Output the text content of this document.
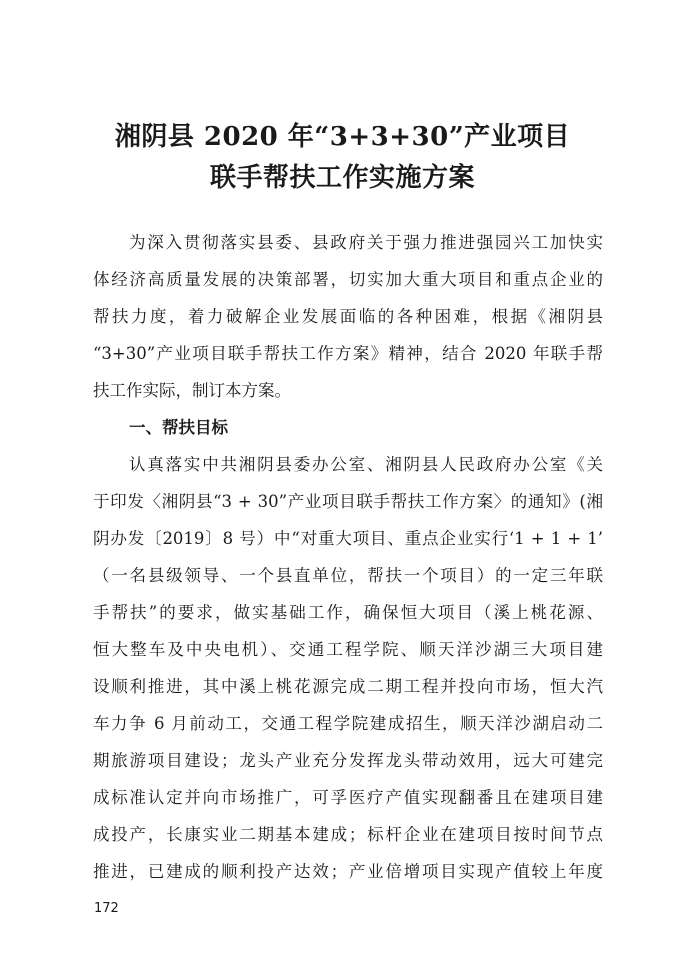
湘阴县 2020 年“3+3+30”产业项目
联手帮扶工作实施方案
为深入贯彻落实县委、县政府关于强力推进强园兴工加快实
体经济高质量发展的决策部署，切实加大重大项目和重点企业的
帮扶力度，着力破解企业发展面临的各种困难，根据《湘阴县
“3+30”产业项目联手帮扶工作方案》精神，结合 2020 年联手帮
扶工作实际，制订本方案。
一、帮扶目标
认真落实中共湘阴县委办公室、湘阴县人民政府办公室《关
于印发〈湘阴县“3 + 30”产业项目联手帮扶工作方案〉的通知》(湘
阴办发〔2019〕8 号）中“对重大项目、重点企业实行‘1 + 1 + 1’
（一名县级领导、一个县直单位，帮扶一个项目）的一定三年联
手帮扶”的要求，做实基础工作，确保恒大项目（溪上桃花源、
恒大整车及中央电机）、交通工程学院、顺天洋沙湖三大项目建
设顺利推进，其中溪上桃花源完成二期工程并投向市场，恒大汽
车力争 6 月前动工，交通工程学院建成招生，顺天洋沙湖启动二
期旅游项目建设；龙头产业充分发挥龙头带动效用，远大可建完
成标准认定并向市场推广，可孚医疗产值实现翻番且在建项目建
成投产，长康实业二期基本建成；标杆企业在建项目按时间节点
推进，已建成的顺利投产达效；产业倍增项目实现产值较上年度
172
